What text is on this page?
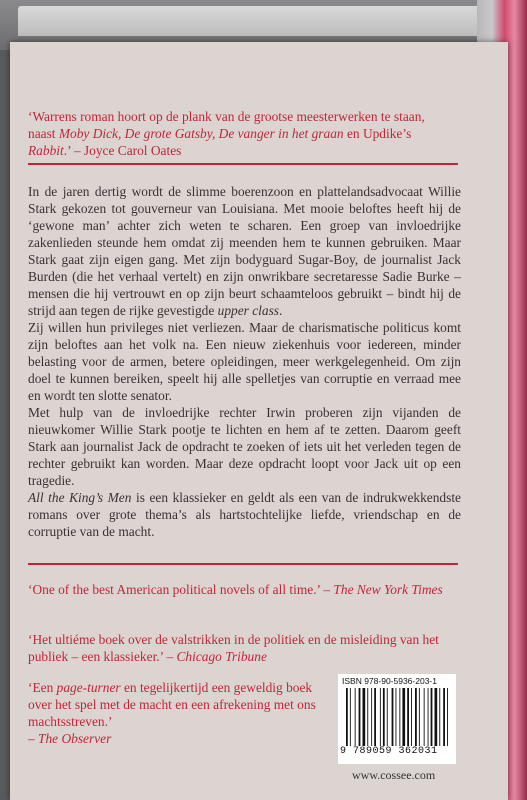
‘Warrens roman hoort op de plank van de grootse meesterwerken te staan, naast Moby Dick, De grote Gatsby, De vanger in het graan en Updike’s Rabbit.’ – Joyce Carol Oates

In de jaren dertig wordt de slimme boerenzoon en plattelandsadvocaat Willie Stark gekozen tot gouverneur van Louisiana. Met mooie beloftes heeft hij de ‘gewone man’ achter zich weten te scharen. Een groep van invloedrijke zakenlieden steunde hem omdat zij meenden hem te kunnen gebruiken. Maar Stark gaat zijn eigen gang. Met zijn bodyguard Sugar-Boy, de journalist Jack Burden (die het verhaal vertelt) en zijn onwrikbare secretaresse Sadie Burke – mensen die hij vertrouwt en op zijn beurt schaamteloos gebruikt – bindt hij de strijd aan tegen de rijke gevestigde upper class.

Zij willen hun privileges niet verliezen. Maar de charismatische politicus komt zijn beloftes aan het volk na. Een nieuw ziekenhuis voor iedereen, minder belasting voor de armen, betere opleidingen, meer werkgelegenheid. Om zijn doel te kunnen bereiken, speelt hij alle spelletjes van corruptie en verraad mee en wordt ten slotte senator.

Met hulp van de invloedrijke rechter Irwin proberen zijn vijanden de nieuwkomer Willie Stark pootje te lichten en hem af te zetten. Daarom geeft Stark aan journalist Jack de opdracht te zoeken of iets uit het verleden tegen de rechter gebruikt kan worden. Maar deze opdracht loopt voor Jack uit op een tragedie.

All the King’s Men is een klassieker en geldt als een van de indrukwekkendste romans over grote thema’s als hartstochtelijke liefde, vriendschap en de corruptie van de macht.

‘One of the best American political novels of all time.’ – The New York Times
‘Het ultiéme boek over de valstrikken in de politiek en de misleiding van het publiek – een klassieker.’ – Chicago Tribune
‘Een page-turner en tegelijkertijd een geweldig boek over het spel met de macht en een afrekening met ons machtsstreven.’
– The Observer
ISBN 978-90-5936-203-1
9 789059 362031
www.cossee.com
